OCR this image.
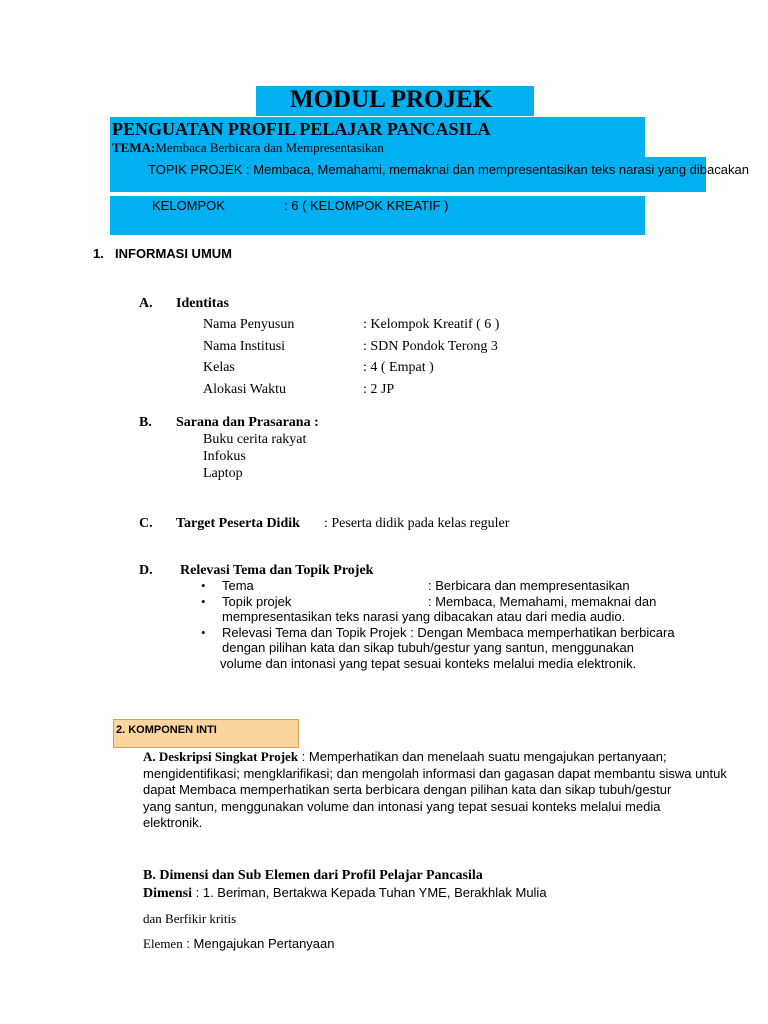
MODUL PROJEK
PENGUATAN PROFIL PELAJAR PANCASILA
TEMA:Membaca Berbicara dan Mempresentasikan
TOPIK PROJEK : Membaca, Memahami, memaknai dan mempresentasikan teks narasi yang dibacakan
KELOMPOK	: 6 ( KELOMPOK KREATIF )
1. INFORMASI UMUM
A. Identitas
Nama Penyusun	: Kelompok Kreatif ( 6 )
Nama Institusi	: SDN Pondok Terong 3
Kelas	: 4 ( Empat )
Alokasi Waktu	: 2 JP
B. Sarana dan Prasarana :
Buku cerita rakyat
Infokus
Laptop
C. Target Peserta Didik : Peserta didik pada kelas reguler
D. Relevasi Tema dan Topik Projek
• Tema	: Berbicara dan mempresentasikan
• Topik projek	: Membaca, Memahami, memaknai dan
mempresentasikan teks narasi yang dibacakan atau dari media audio.
• Relevasi Tema dan Topik Projek : Dengan Membaca memperhatikan berbicara
dengan pilihan kata dan sikap tubuh/gestur yang santun, menggunakan
volume dan intonasi yang tepat sesuai konteks melalui media elektronik.
2. KOMPONEN INTI
A. Deskripsi Singkat Projek : Memperhatikan dan menelaah suatu mengajukan pertanyaan;
mengidentifikasi; mengklarifikasi; dan mengolah informasi dan gagasan dapat membantu siswa untuk
dapat Membaca memperhatikan serta berbicara dengan pilihan kata dan sikap tubuh/gestur
yang santun, menggunakan volume dan intonasi yang tepat sesuai konteks melalui media
elektronik.
B. Dimensi dan Sub Elemen dari Profil Pelajar Pancasila
Dimensi : 1. Beriman, Bertakwa Kepada Tuhan YME, Berakhlak Mulia
dan Berfikir kritis
Elemen : Mengajukan Pertanyaan
